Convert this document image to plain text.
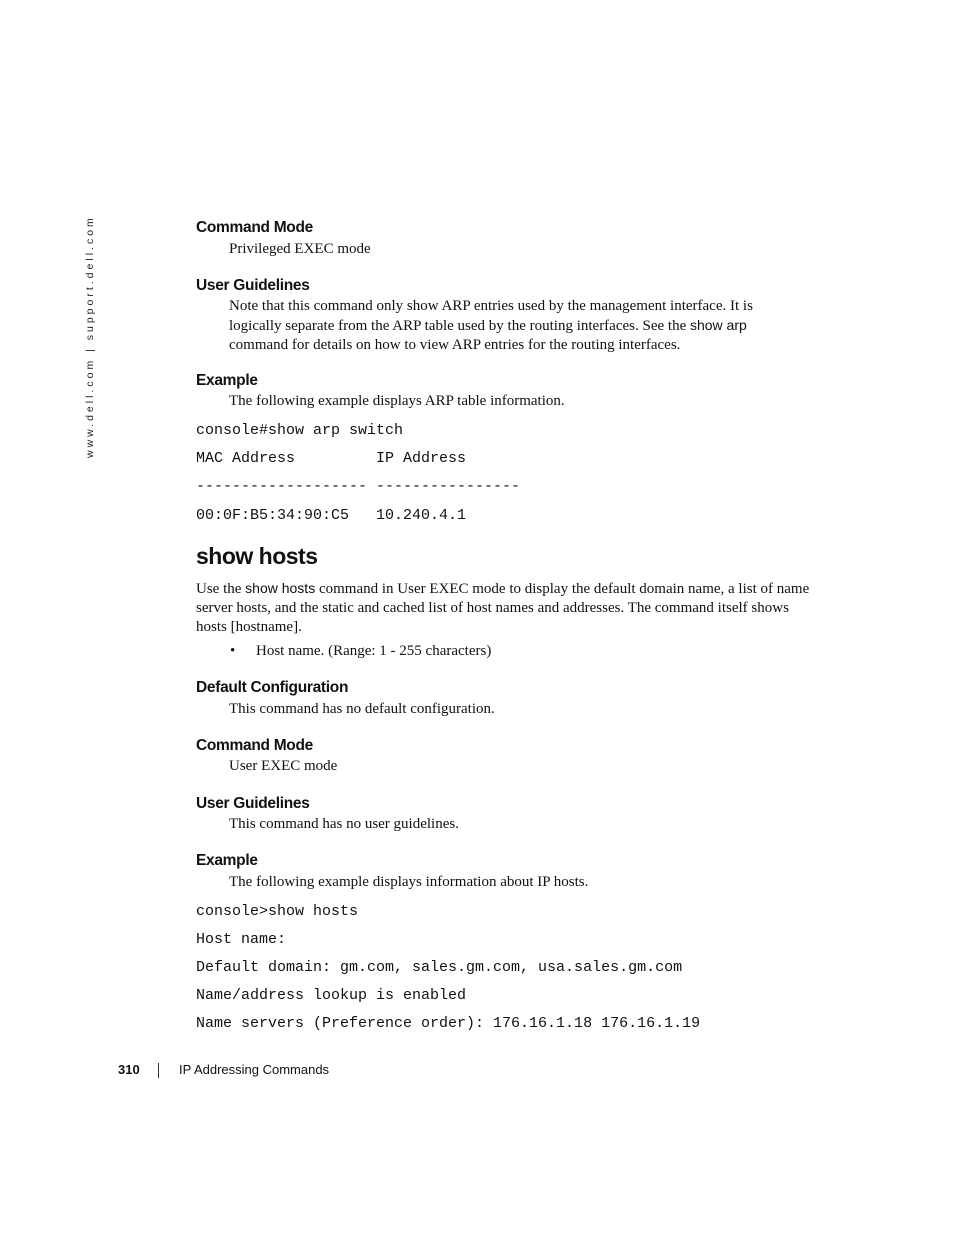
www.dell.com | support.dell.com	Command Mode
Privileged EXEC mode
User Guidelines
Note that this command only show ARP entries used by the management interface. It is logically separate from the ARP table used by the routing interfaces. See the show arp command for details on how to view ARP entries for the routing interfaces.
Example
The following example displays ARP table information.
console#show arp switch
MAC Address         IP Address
------------------- ----------------
00:0F:B5:34:90:C5   10.240.4.1
show hosts
Use the show hosts command in User EXEC mode to display the default domain name, a list of name server hosts, and the static and cached list of host names and addresses. The command itself shows hosts [hostname].
• Host name. (Range: 1 - 255 characters)
Default Configuration
This command has no default configuration.
Command Mode
User EXEC mode
User Guidelines
This command has no user guidelines.
Example
The following example displays information about IP hosts.
console>show hosts
Host name:
Default domain: gm.com, sales.gm.com, usa.sales.gm.com
Name/address lookup is enabled
Name servers (Preference order): 176.16.1.18 176.16.1.19
310	IP Addressing Commands
